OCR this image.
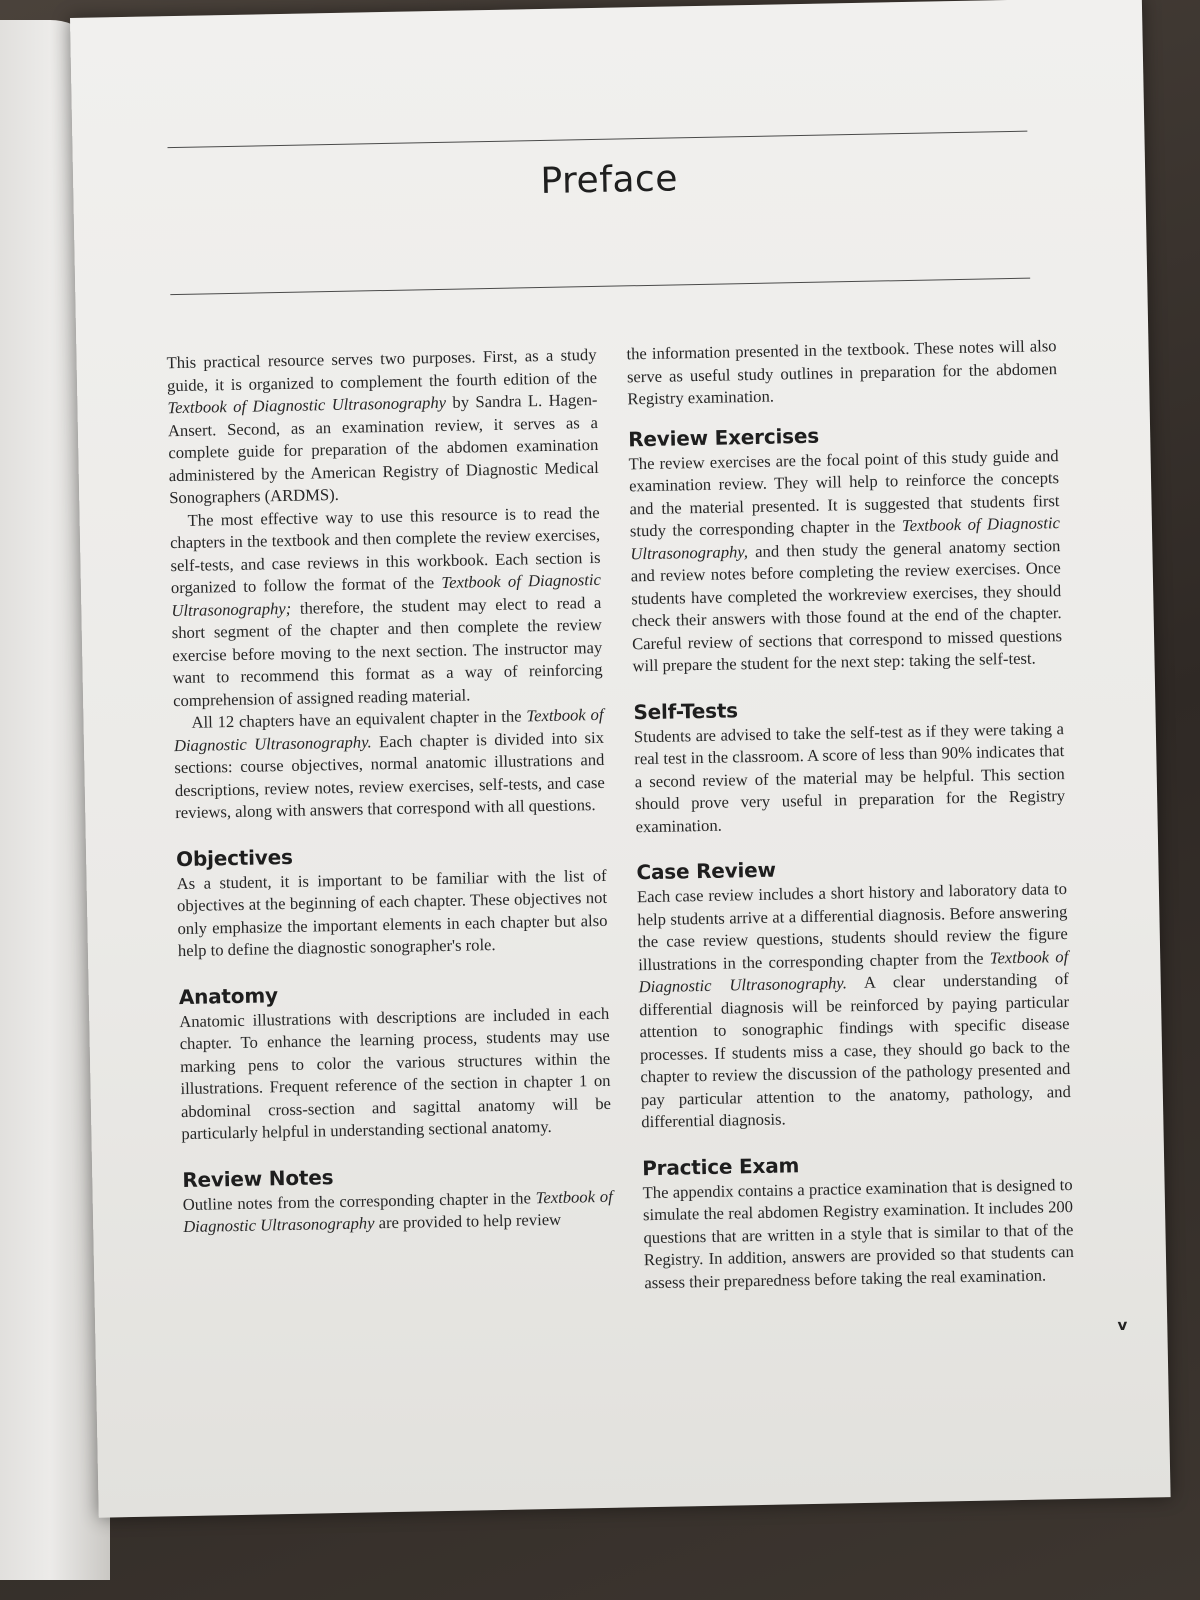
Preface

This practical resource serves two purposes. First, as a study guide, it is organized to complement the fourth edition of the Textbook of Diagnostic Ultrasonography by Sandra L. Hagen-Ansert. Second, as an examination review, it serves as a complete guide for preparation of the abdomen examination administered by the American Registry of Diagnostic Medical Sonographers (ARDMS).

The most effective way to use this resource is to read the chapters in the textbook and then complete the review exercises, self-tests, and case reviews in this workbook. Each section is organized to follow the format of the Textbook of Diagnostic Ultrasonography; therefore, the student may elect to read a short segment of the chapter and then complete the review exercise before moving to the next section. The instructor may want to recommend this format as a way of reinforcing comprehension of assigned reading material.

All 12 chapters have an equivalent chapter in the Textbook of Diagnostic Ultrasonography. Each chapter is divided into six sections: course objectives, normal anatomic illustrations and descriptions, review notes, review exercises, self-tests, and case reviews, along with answers that correspond with all questions.

Objectives

As a student, it is important to be familiar with the list of objectives at the beginning of each chapter. These objectives not only emphasize the important elements in each chapter but also help to define the diagnostic sonographer's role.

Anatomy

Anatomic illustrations with descriptions are included in each chapter. To enhance the learning process, students may use marking pens to color the various structures within the illustrations. Frequent reference of the section in chapter 1 on abdominal cross-section and sagittal anatomy will be particularly helpful in understanding sectional anatomy.

Review Notes

Outline notes from the corresponding chapter in the Textbook of Diagnostic Ultrasonography are provided to help review

the information presented in the textbook. These notes will also serve as useful study outlines in preparation for the abdomen Registry examination.

Review Exercises

The review exercises are the focal point of this study guide and examination review. They will help to reinforce the concepts and the material presented. It is suggested that students first study the corresponding chapter in the Textbook of Diagnostic Ultrasonography, and then study the general anatomy section and review notes before completing the review exercises. Once students have completed the workreview exercises, they should check their answers with those found at the end of the chapter. Careful review of sections that correspond to missed questions will prepare the student for the next step: taking the self-test.

Self-Tests

Students are advised to take the self-test as if they were taking a real test in the classroom. A score of less than 90% indicates that a second review of the material may be helpful. This section should prove very useful in preparation for the Registry examination.

Case Review

Each case review includes a short history and laboratory data to help students arrive at a differential diagnosis. Before answering the case review questions, students should review the figure illustrations in the corresponding chapter from the Textbook of Diagnostic Ultrasonography. A clear understanding of differential diagnosis will be reinforced by paying particular attention to sonographic findings with specific disease processes. If students miss a case, they should go back to the chapter to review the discussion of the pathology presented and pay particular attention to the anatomy, pathology, and differential diagnosis.

Practice Exam

The appendix contains a practice examination that is designed to simulate the real abdomen Registry examination. It includes 200 questions that are written in a style that is similar to that of the Registry. In addition, answers are provided so that students can assess their preparedness before taking the real examination.

v
